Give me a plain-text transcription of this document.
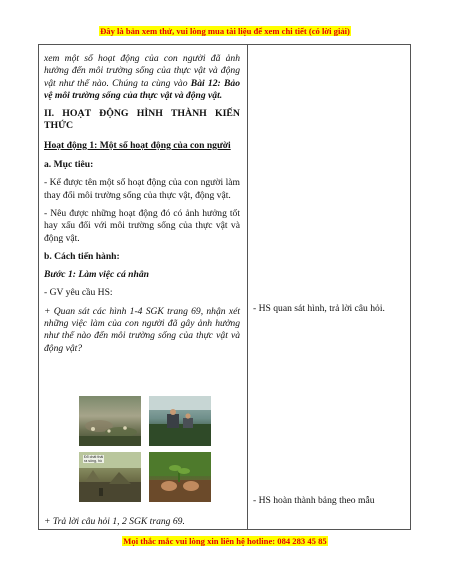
Đây là bản xem thử, vui lòng mua tài liệu để xem chi tiết (có lời giải)

xem một số hoạt động của con người đã ảnh hưởng đến môi trường sống của thực vật và động vật như thế nào. Chúng ta cùng vào Bài 12: Bảo vệ môi trường sống của thực vật và động vật.

II. HOẠT ĐỘNG HÌNH THÀNH KIẾN THỨC

Hoạt động 1: Một số hoạt động của con người

a. Mục tiêu:

- Kể được tên một số hoạt động của con người làm thay đổi môi trường sống của thực vật, động vật.

- Nêu được những hoạt động đó có ảnh hưởng tốt hay xấu đối với môi trường sống của thực vật và động vật.

b. Cách tiến hành:

Bước 1: Làm việc cá nhân

- GV yêu cầu HS:

+ Quan sát các hình 1-4 SGK trang 69, nhận xét những việc làm của con người đã gây ảnh hưởng như thế nào đến môi trường sống của thực vật và động vật?

Đổ chất thải
ra sông, hồ

+ Trả lời câu hỏi 1, 2 SGK trang 69.

- HS quan sát hình, trả lời câu hỏi.
- HS hoàn thành bảng theo mẫu
Mọi thắc mắc vui lòng xin liên hệ hotline: 084 283 45 85
